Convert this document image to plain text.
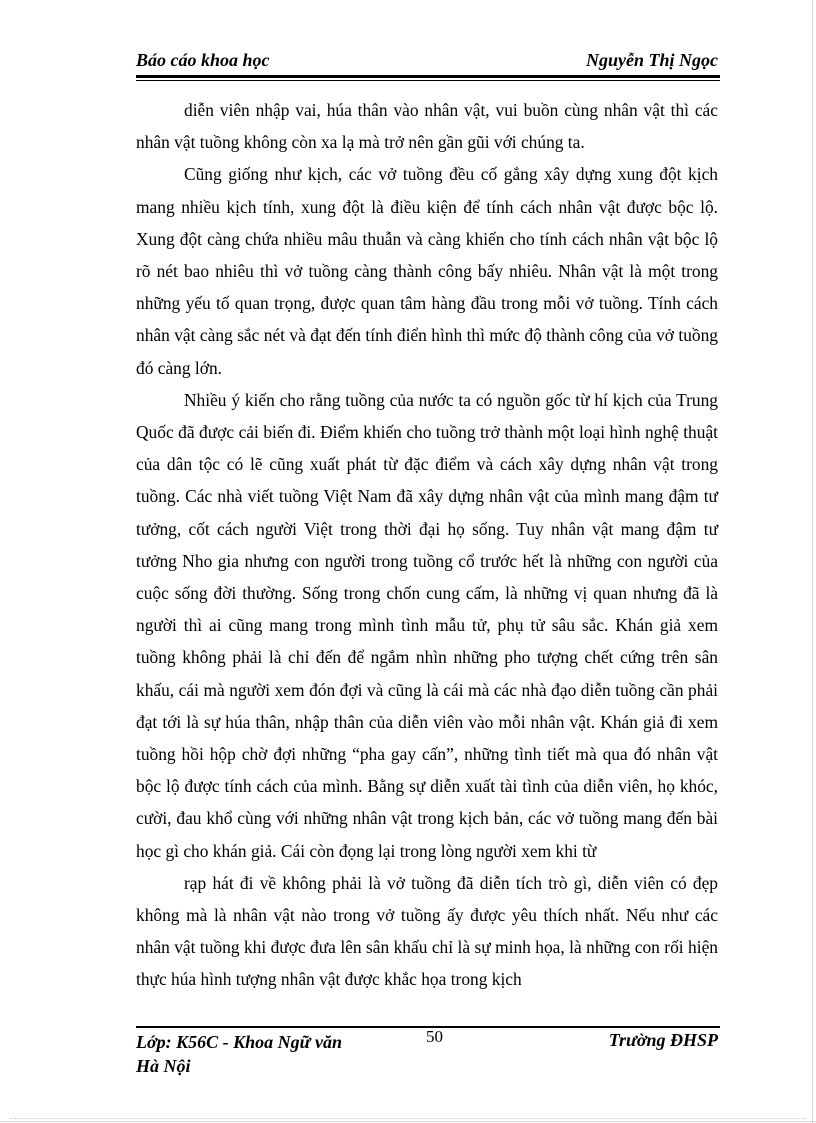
Báo cáo khoa học	Nguyễn Thị Ngọc

diễn viên nhập vai, húa thân vào nhân vật, vui buồn cùng nhân vật thì các nhân vật tuồng không còn xa lạ mà trở nên gần gũi với chúng ta.

Cũng giống như kịch, các vở tuồng đều cố gắng xây dựng xung đột kịch mang nhiều kịch tính, xung đột là điều kiện để tính cách nhân vật được bộc lộ. Xung đột càng chứa nhiều mâu thuẫn và càng khiến cho tính cách nhân vật bộc lộ rõ nét bao nhiêu thì vở tuồng càng thành công bấy nhiêu. Nhân vật là một trong những yếu tố quan trọng, được quan tâm hàng đầu trong mỗi vở tuồng. Tính cách nhân vật càng sắc nét và đạt đến tính điển hình thì mức độ thành công của vở tuồng đó càng lớn.

Nhiều ý kiến cho rằng tuồng của nước ta có nguồn gốc từ hí kịch của Trung Quốc đã được cải biến đi. Điểm khiến cho tuồng trở thành một loại hình nghệ thuật của dân tộc có lẽ cũng xuất phát từ đặc điểm và cách xây dựng nhân vật trong tuồng. Các nhà viết tuồng Việt Nam đã xây dựng nhân vật của mình mang đậm tư tưởng, cốt cách người Việt trong thời đại họ sống. Tuy nhân vật mang đậm tư tưởng Nho gia nhưng con người trong tuồng cổ trước hết là những con người của cuộc sống đời thường. Sống trong chốn cung cấm, là những vị quan nhưng đã là người thì ai cũng mang trong mình tình mẫu tử, phụ tử sâu sắc. Khán giả xem tuồng không phải là chỉ đến để ngắm nhìn những pho tượng chết cứng trên sân khấu, cái mà người xem đón đợi và cũng là cái mà các nhà đạo diễn tuồng cần phải đạt tới là sự húa thân, nhập thân của diễn viên vào mỗi nhân vật. Khán giả đi xem tuồng hồi hộp chờ đợi những “pha gay cấn”, những tình tiết mà qua đó nhân vật bộc lộ được tính cách của mình. Bằng sự diễn xuất tài tình của diễn viên, họ khóc, cười, đau khổ cùng với những nhân vật trong kịch bản, các vở tuồng mang đến bài học gì cho khán giả. Cái còn đọng lại trong lòng người xem khi từ

rạp hát đi về không phải là vở tuồng đã diễn tích trò gì, diễn viên có đẹp không mà là nhân vật nào trong vở tuồng ấy được yêu thích nhất. Nếu như các nhân vật tuồng khi được đưa lên sân khấu chỉ là sự minh họa, là những con rối hiện thực húa hình tượng nhân vật được khắc họa trong kịch

Lớp: K56C - Khoa Ngữ văn
Hà Nội
50	Trường ĐHSP
